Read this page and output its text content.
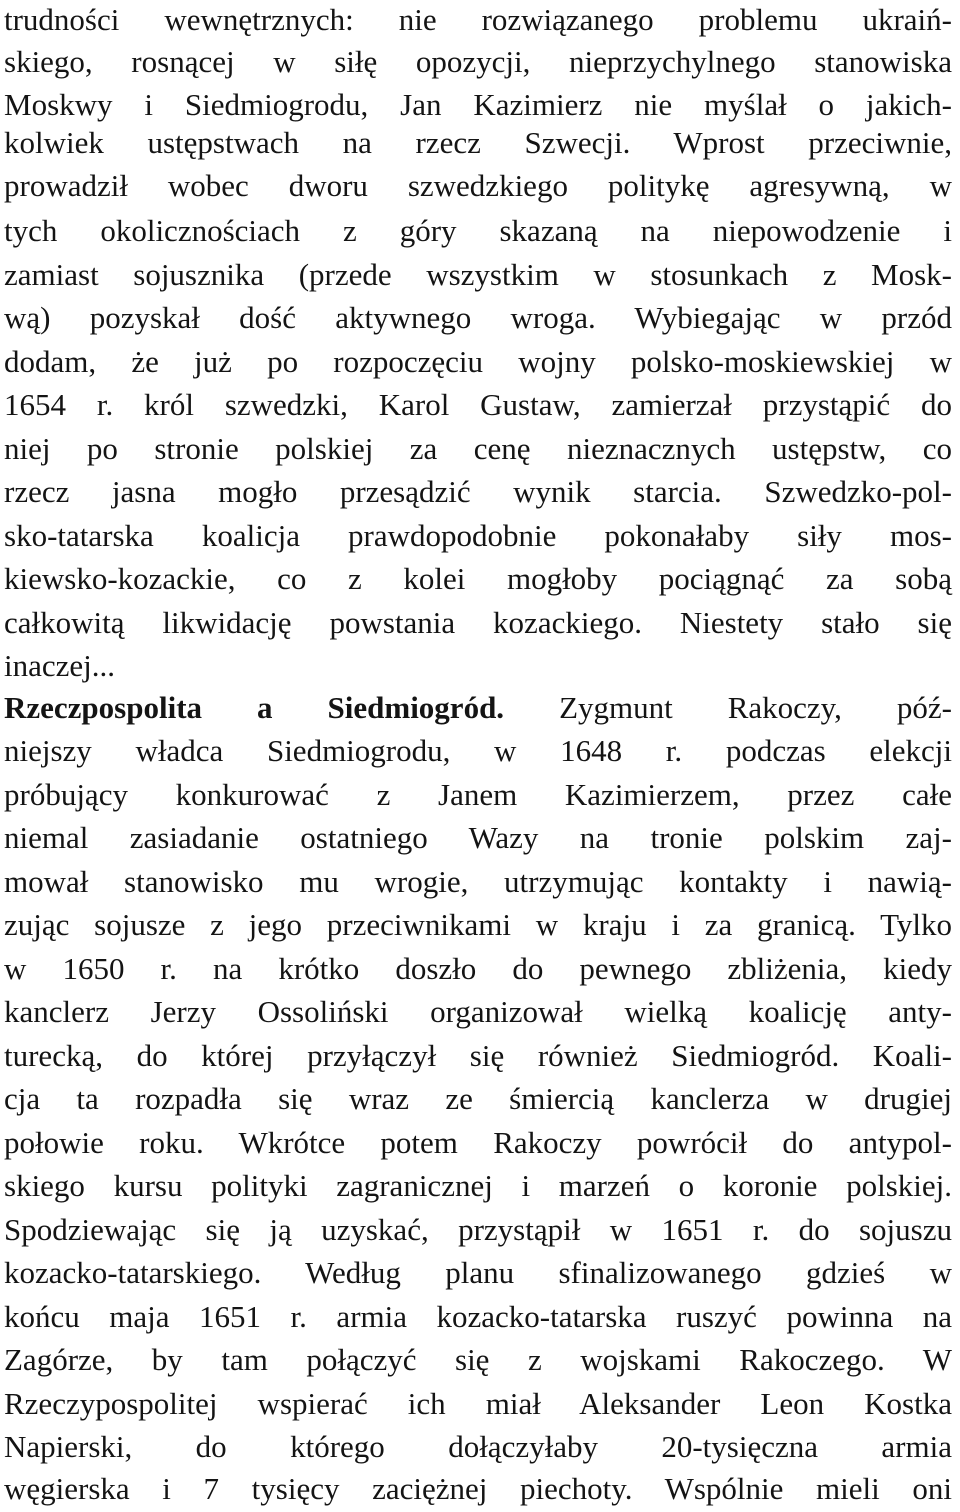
trudności wewnętrznych: nie rozwiązanego problemu ukraiń-
skiego, rosnącej w siłę opozycji, nieprzychylnego stanowiska
Moskwy i Siedmiogrodu, Jan Kazimierz nie myślał o jakich-
kolwiek ustępstwach na rzecz Szwecji. Wprost przeciwnie,
prowadził wobec dworu szwedzkiego politykę agresywną, w
tych okolicznościach z góry skazaną na niepowodzenie i
zamiast sojusznika (przede wszystkim w stosunkach z Mosk-
wą) pozyskał dość aktywnego wroga. Wybiegając w przód
dodam, że już po rozpoczęciu wojny polsko-moskiewskiej w
1654 r. król szwedzki, Karol Gustaw, zamierzał przystąpić do
niej po stronie polskiej za cenę nieznacznych ustępstw, co
rzecz jasna mogło przesądzić wynik starcia. Szwedzko-pol-
sko-tatarska koalicja prawdopodobnie pokonałaby siły mos-
kiewsko-kozackie, co z kolei mogłoby pociągnąć za sobą
całkowitą likwidację powstania kozackiego. Niestety stało się
inaczej...
Rzeczpospolita a Siedmiogród. Zygmunt Rakoczy, póź-
niejszy władca Siedmiogrodu, w 1648 r. podczas elekcji
próbujący konkurować z Janem Kazimierzem, przez całe
niemal zasiadanie ostatniego Wazy na tronie polskim zaj-
mował stanowisko mu wrogie, utrzymując kontakty i nawią-
zując sojusze z jego przeciwnikami w kraju i za granicą. Tylko
w 1650 r. na krótko doszło do pewnego zbliżenia, kiedy
kanclerz Jerzy Ossoliński organizował wielką koalicję anty-
turecką, do której przyłączył się również Siedmiogród. Koali-
cja ta rozpadła się wraz ze śmiercią kanclerza w drugiej
połowie roku. Wkrótce potem Rakoczy powrócił do antypol-
skiego kursu polityki zagranicznej i marzeń o koronie polskiej.
Spodziewając się ją uzyskać, przystąpił w 1651 r. do sojuszu
kozacko-tatarskiego. Według planu sfinalizowanego gdzieś w
końcu maja 1651 r. armia kozacko-tatarska ruszyć powinna na
Zagórze, by tam połączyć się z wojskami Rakoczego. W
Rzeczypospolitej wspierać ich miał Aleksander Leon Kostka
Napierski, do którego dołączyłaby 20-tysięczna armia
węgierska i 7 tysięcy zaciężnej piechoty. Wspólnie mieli oni
